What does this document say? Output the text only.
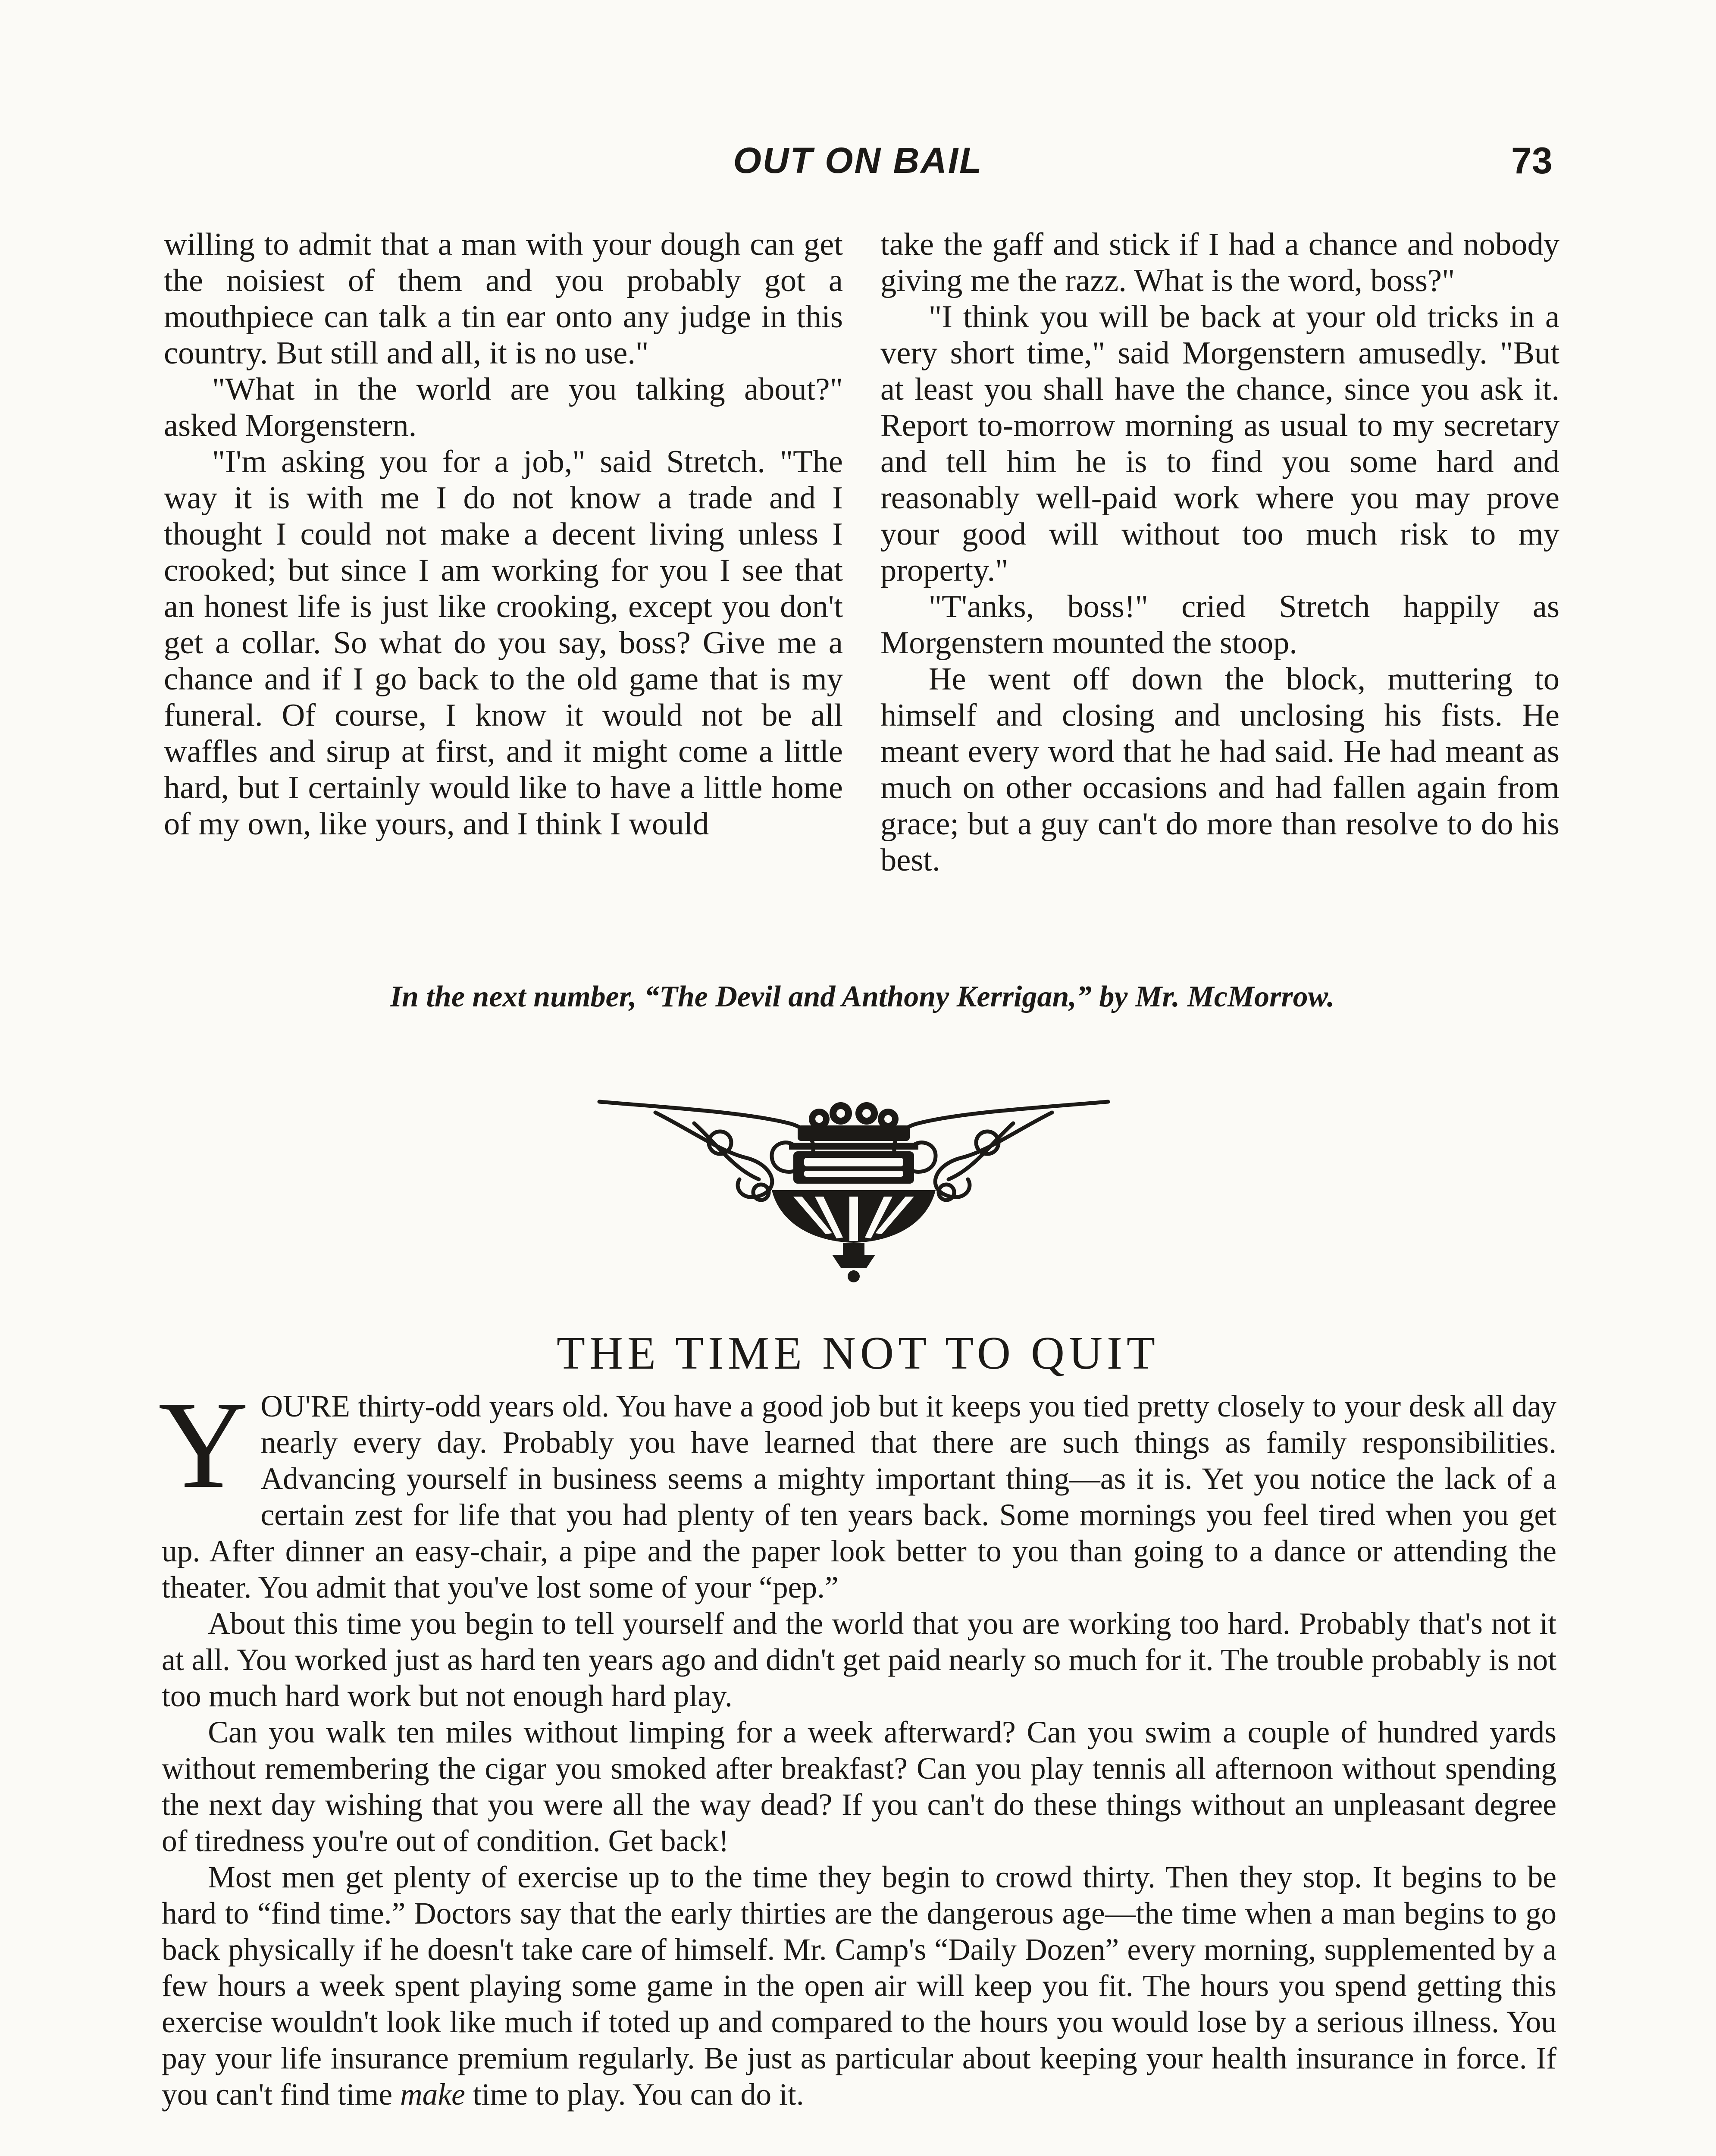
OUT ON BAIL	73

willing to admit that a man with your dough can get the noisiest of them and you probably got a mouthpiece can talk a tin ear onto any judge in this country. But still and all, it is no use."

"What in the world are you talking about?" asked Morgenstern.

"I'm asking you for a job," said Stretch. "The way it is with me I do not know a trade and I thought I could not make a decent living unless I crooked; but since I am working for you I see that an honest life is just like crooking, except you don't get a collar. So what do you say, boss? Give me a chance and if I go back to the old game that is my funeral. Of course, I know it would not be all waffles and sirup at first, and it might come a little hard, but I certainly would like to have a little home of my own, like yours, and I think I would

take the gaff and stick if I had a chance and nobody giving me the razz. What is the word, boss?"

"I think you will be back at your old tricks in a very short time," said Morgenstern amusedly. "But at least you shall have the chance, since you ask it. Report to-morrow morning as usual to my secretary and tell him he is to find you some hard and reasonably well-paid work where you may prove your good will without too much risk to my property."

"T'anks, boss!" cried Stretch happily as Morgenstern mounted the stoop.

He went off down the block, muttering to himself and closing and unclosing his fists. He meant every word that he had said. He had meant as much on other occasions and had fallen again from grace; but a guy can't do more than resolve to do his best.

In the next number, “The Devil and Anthony Kerrigan,” by Mr. McMorrow.
THE TIME NOT TO QUIT

YOU'RE thirty-odd years old. You have a good job but it keeps you tied pretty closely to your desk all day nearly every day. Probably you have learned that there are such things as family responsibilities. Advancing yourself in business seems a mighty important thing—as it is. Yet you notice the lack of a certain zest for life that you had plenty of ten years back. Some mornings you feel tired when you get up. After dinner an easy-chair, a pipe and the paper look better to you than going to a dance or attending the theater. You admit that you've lost some of your “pep.”

About this time you begin to tell yourself and the world that you are working too hard. Probably that's not it at all. You worked just as hard ten years ago and didn't get paid nearly so much for it. The trouble probably is not too much hard work but not enough hard play.

Can you walk ten miles without limping for a week afterward? Can you swim a couple of hundred yards without remembering the cigar you smoked after breakfast? Can you play tennis all afternoon without spending the next day wishing that you were all the way dead? If you can't do these things without an unpleasant degree of tiredness you're out of condition. Get back!

Most men get plenty of exercise up to the time they begin to crowd thirty. Then they stop. It begins to be hard to “find time.” Doctors say that the early thirties are the dangerous age—the time when a man begins to go back physically if he doesn't take care of himself. Mr. Camp's “Daily Dozen” every morning, supplemented by a few hours a week spent playing some game in the open air will keep you fit. The hours you spend getting this exercise wouldn't look like much if toted up and compared to the hours you would lose by a serious illness. You pay your life insurance premium regularly. Be just as particular about keeping your health insurance in force. If you can't find time make time to play. You can do it.
